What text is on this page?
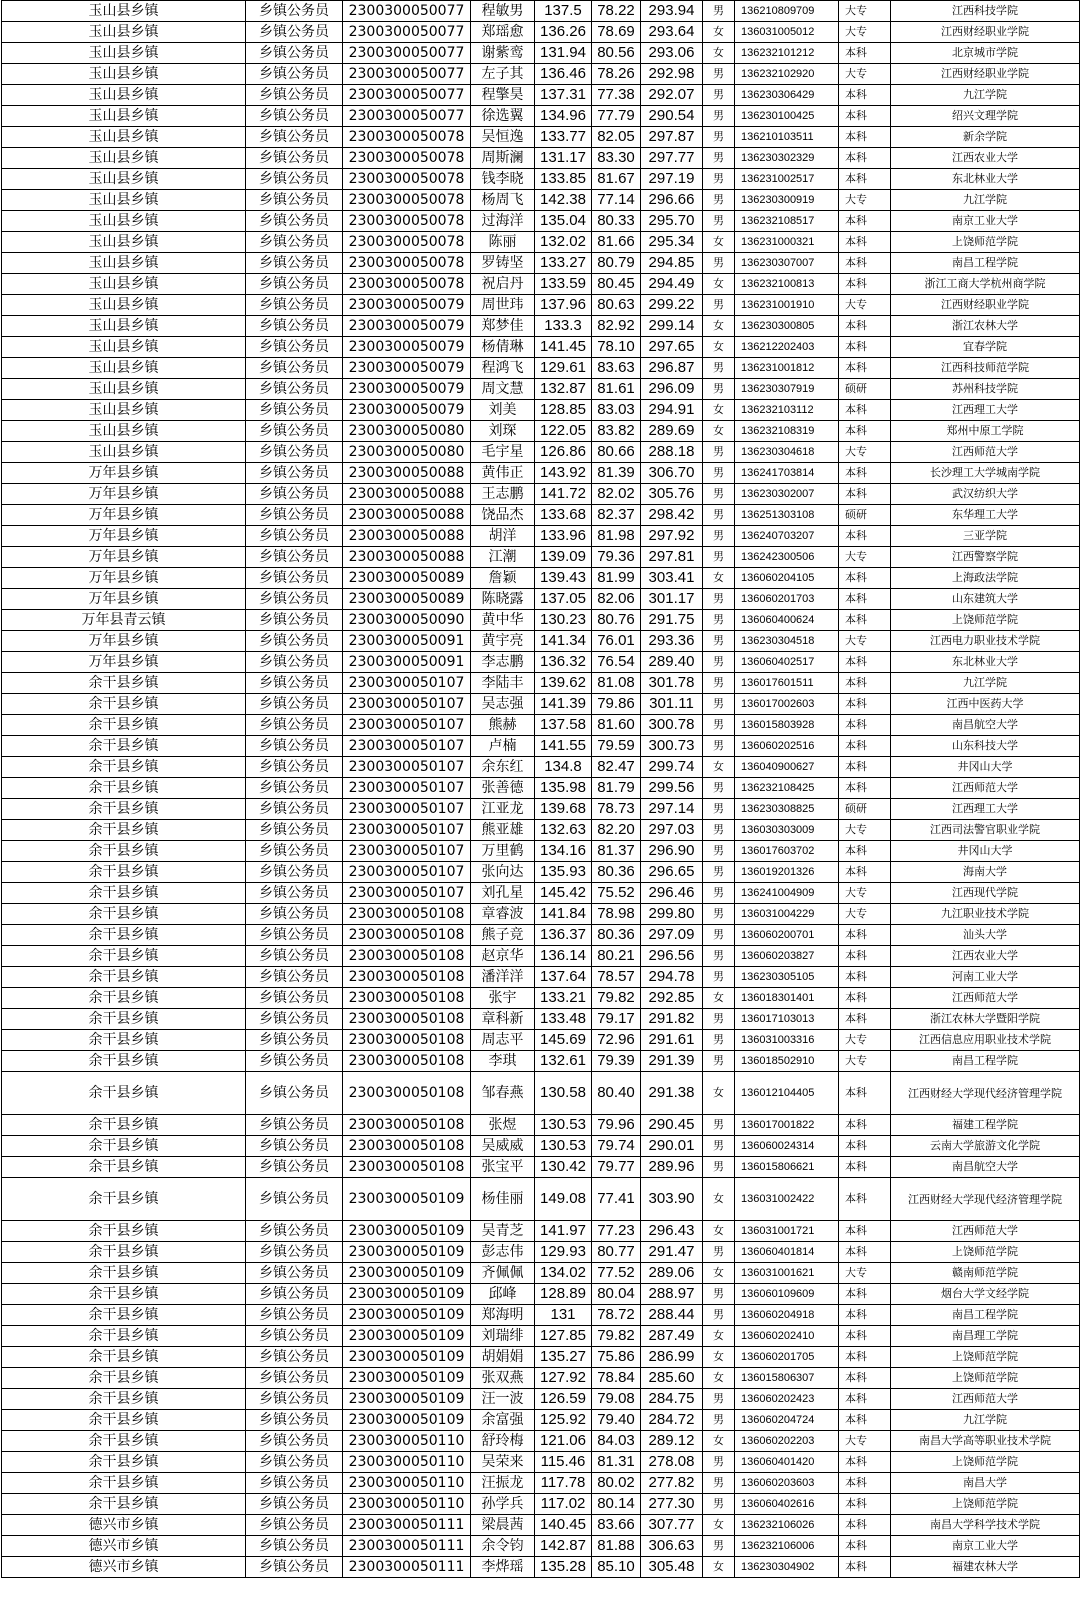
玉山县乡镇	乡镇公务员	2300300050077	程敏男	137.5	78.22	293.94	男	136210809709	大专	江西科技学院
玉山县乡镇	乡镇公务员	2300300050077	郑瑶愈	136.26	78.69	293.64	女	136031005012	大专	江西财经职业学院
玉山县乡镇	乡镇公务员	2300300050077	谢紫鸾	131.94	80.56	293.06	女	136232101212	本科	北京城市学院
玉山县乡镇	乡镇公务员	2300300050077	左子其	136.46	78.26	292.98	男	136232102920	大专	江西财经职业学院
玉山县乡镇	乡镇公务员	2300300050077	程擎昊	137.31	77.38	292.07	男	136230306429	本科	九江学院
玉山县乡镇	乡镇公务员	2300300050077	徐选翼	134.96	77.79	290.54	男	136230100425	本科	绍兴文理学院
玉山县乡镇	乡镇公务员	2300300050078	吴恒逸	133.77	82.05	297.87	男	136210103511	本科	新余学院
玉山县乡镇	乡镇公务员	2300300050078	周斯澜	131.17	83.30	297.77	男	136230302329	本科	江西农业大学
玉山县乡镇	乡镇公务员	2300300050078	钱李晓	133.85	81.67	297.19	男	136231002517	本科	东北林业大学
玉山县乡镇	乡镇公务员	2300300050078	杨周飞	142.38	77.14	296.66	男	136230300919	大专	九江学院
玉山县乡镇	乡镇公务员	2300300050078	过海洋	135.04	80.33	295.70	男	136232108517	本科	南京工业大学
玉山县乡镇	乡镇公务员	2300300050078	陈丽	132.02	81.66	295.34	女	136231000321	本科	上饶师范学院
玉山县乡镇	乡镇公务员	2300300050078	罗铸坚	133.27	80.79	294.85	男	136230307007	本科	南昌工程学院
玉山县乡镇	乡镇公务员	2300300050078	祝启丹	133.59	80.45	294.49	女	136232100813	本科	浙江工商大学杭州商学院
玉山县乡镇	乡镇公务员	2300300050079	周世玮	137.96	80.63	299.22	男	136231001910	大专	江西财经职业学院
玉山县乡镇	乡镇公务员	2300300050079	郑梦佳	133.3	82.92	299.14	女	136230300805	本科	浙江农林大学
玉山县乡镇	乡镇公务员	2300300050079	杨倩琳	141.45	78.10	297.65	女	136212202403	本科	宜春学院
玉山县乡镇	乡镇公务员	2300300050079	程鸿飞	129.61	83.63	296.87	男	136231001812	本科	江西科技师范学院
玉山县乡镇	乡镇公务员	2300300050079	周文慧	132.87	81.61	296.09	男	136230307919	硕研	苏州科技学院
玉山县乡镇	乡镇公务员	2300300050079	刘美	128.85	83.03	294.91	女	136232103112	本科	江西理工大学
玉山县乡镇	乡镇公务员	2300300050080	刘琛	122.05	83.82	289.69	女	136232108319	本科	郑州中原工学院
玉山县乡镇	乡镇公务员	2300300050080	毛宇星	126.86	80.66	288.18	男	136230304618	大专	江西师范大学
万年县乡镇	乡镇公务员	2300300050088	黄伟正	143.92	81.39	306.70	男	136241703814	本科	长沙理工大学城南学院
万年县乡镇	乡镇公务员	2300300050088	王志鹏	141.72	82.02	305.76	男	136230302007	本科	武汉纺织大学
万年县乡镇	乡镇公务员	2300300050088	饶品杰	133.68	82.37	298.42	男	136251303108	硕研	东华理工大学
万年县乡镇	乡镇公务员	2300300050088	胡洋	133.96	81.98	297.92	男	136240703207	本科	三亚学院
万年县乡镇	乡镇公务员	2300300050088	江潮	139.09	79.36	297.81	男	136242300506	大专	江西警察学院
万年县乡镇	乡镇公务员	2300300050089	詹颖	139.43	81.99	303.41	女	136060204105	本科	上海政法学院
万年县乡镇	乡镇公务员	2300300050089	陈晓露	137.05	82.06	301.17	男	136060201703	本科	山东建筑大学
万年县青云镇	乡镇公务员	2300300050090	黄中华	130.23	80.76	291.75	男	136060400624	本科	上饶师范学院
万年县乡镇	乡镇公务员	2300300050091	黄宇亮	141.34	76.01	293.36	男	136230304518	大专	江西电力职业技术学院
万年县乡镇	乡镇公务员	2300300050091	李志鹏	136.32	76.54	289.40	男	136060402517	本科	东北林业大学
余干县乡镇	乡镇公务员	2300300050107	李陆丰	139.62	81.08	301.78	男	136017601511	本科	九江学院
余干县乡镇	乡镇公务员	2300300050107	吴志强	141.39	79.86	301.11	男	136017002603	本科	江西中医药大学
余干县乡镇	乡镇公务员	2300300050107	熊赫	137.58	81.60	300.78	男	136015803928	本科	南昌航空大学
余干县乡镇	乡镇公务员	2300300050107	卢楠	141.55	79.59	300.73	男	136060202516	本科	山东科技大学
余干县乡镇	乡镇公务员	2300300050107	余东红	134.8	82.47	299.74	女	136040900627	本科	井冈山大学
余干县乡镇	乡镇公务员	2300300050107	张善德	135.98	81.79	299.56	男	136232108425	本科	江西师范大学
余干县乡镇	乡镇公务员	2300300050107	江亚龙	139.68	78.73	297.14	男	136230308825	硕研	江西理工大学
余干县乡镇	乡镇公务员	2300300050107	熊亚雄	132.63	82.20	297.03	男	136030303009	大专	江西司法警官职业学院
余干县乡镇	乡镇公务员	2300300050107	万里鹤	134.16	81.37	296.90	男	136017603702	本科	井冈山大学
余干县乡镇	乡镇公务员	2300300050107	张向达	135.93	80.36	296.65	男	136019201326	本科	海南大学
余干县乡镇	乡镇公务员	2300300050107	刘孔星	145.42	75.52	296.46	男	136241004909	大专	江西现代学院
余干县乡镇	乡镇公务员	2300300050108	章睿波	141.84	78.98	299.80	男	136031004229	大专	九江职业技术学院
余干县乡镇	乡镇公务员	2300300050108	熊子竞	136.37	80.36	297.09	男	136060200701	本科	汕头大学
余干县乡镇	乡镇公务员	2300300050108	赵京华	136.14	80.21	296.56	男	136060203827	本科	江西农业大学
余干县乡镇	乡镇公务员	2300300050108	潘洋洋	137.64	78.57	294.78	男	136230305105	本科	河南工业大学
余干县乡镇	乡镇公务员	2300300050108	张宇	133.21	79.82	292.85	女	136018301401	本科	江西师范大学
余干县乡镇	乡镇公务员	2300300050108	章科新	133.48	79.17	291.82	男	136017103013	本科	浙江农林大学暨阳学院
余干县乡镇	乡镇公务员	2300300050108	周志平	145.69	72.96	291.61	男	136031003316	大专	江西信息应用职业技术学院
余干县乡镇	乡镇公务员	2300300050108	李琪	132.61	79.39	291.39	男	136018502910	大专	南昌工程学院
余干县乡镇	乡镇公务员	2300300050108	邹春燕	130.58	80.40	291.38	女	136012104405	本科	江西财经大学现代经济管理学院
余干县乡镇	乡镇公务员	2300300050108	张煜	130.53	79.96	290.45	男	136017001822	本科	福建工程学院
余干县乡镇	乡镇公务员	2300300050108	吴威威	130.53	79.74	290.01	男	136060024314	本科	云南大学旅游文化学院
余干县乡镇	乡镇公务员	2300300050108	张宝平	130.42	79.77	289.96	男	136015806621	本科	南昌航空大学
余干县乡镇	乡镇公务员	2300300050109	杨佳丽	149.08	77.41	303.90	女	136031002422	本科	江西财经大学现代经济管理学院
余干县乡镇	乡镇公务员	2300300050109	吴青芝	141.97	77.23	296.43	女	136031001721	本科	江西师范大学
余干县乡镇	乡镇公务员	2300300050109	彭志伟	129.93	80.77	291.47	男	136060401814	本科	上饶师范学院
余干县乡镇	乡镇公务员	2300300050109	齐佩佩	134.02	77.52	289.06	女	136031001621	大专	赣南师范学院
余干县乡镇	乡镇公务员	2300300050109	邱峰	128.89	80.04	288.97	男	136060109609	本科	烟台大学文经学院
余干县乡镇	乡镇公务员	2300300050109	郑海明	131	78.72	288.44	男	136060204918	本科	南昌工程学院
余干县乡镇	乡镇公务员	2300300050109	刘瑞绯	127.85	79.82	287.49	女	136060202410	本科	南昌理工学院
余干县乡镇	乡镇公务员	2300300050109	胡娟娟	135.27	75.86	286.99	女	136060201705	本科	上饶师范学院
余干县乡镇	乡镇公务员	2300300050109	张双燕	127.92	78.84	285.60	女	136015806307	本科	上饶师范学院
余干县乡镇	乡镇公务员	2300300050109	汪一波	126.59	79.08	284.75	男	136060202423	本科	江西师范大学
余干县乡镇	乡镇公务员	2300300050109	余富强	125.92	79.40	284.72	男	136060204724	本科	九江学院
余干县乡镇	乡镇公务员	2300300050110	舒玲梅	121.06	84.03	289.12	女	136060202203	大专	南昌大学高等职业技术学院
余干县乡镇	乡镇公务员	2300300050110	吴荣来	115.46	81.31	278.08	男	136060401420	本科	上饶师范学院
余干县乡镇	乡镇公务员	2300300050110	汪振龙	117.78	80.02	277.82	男	136060203603	本科	南昌大学
余干县乡镇	乡镇公务员	2300300050110	孙学兵	117.02	80.14	277.30	男	136060402616	本科	上饶师范学院
德兴市乡镇	乡镇公务员	2300300050111	梁晨茜	140.45	83.66	307.77	女	136232106026	本科	南昌大学科学技术学院
德兴市乡镇	乡镇公务员	2300300050111	余令钧	142.87	81.88	306.63	男	136232106006	本科	南京工业大学
德兴市乡镇	乡镇公务员	2300300050111	李烨瑶	135.28	85.10	305.48	女	136230304902	本科	福建农林大学
